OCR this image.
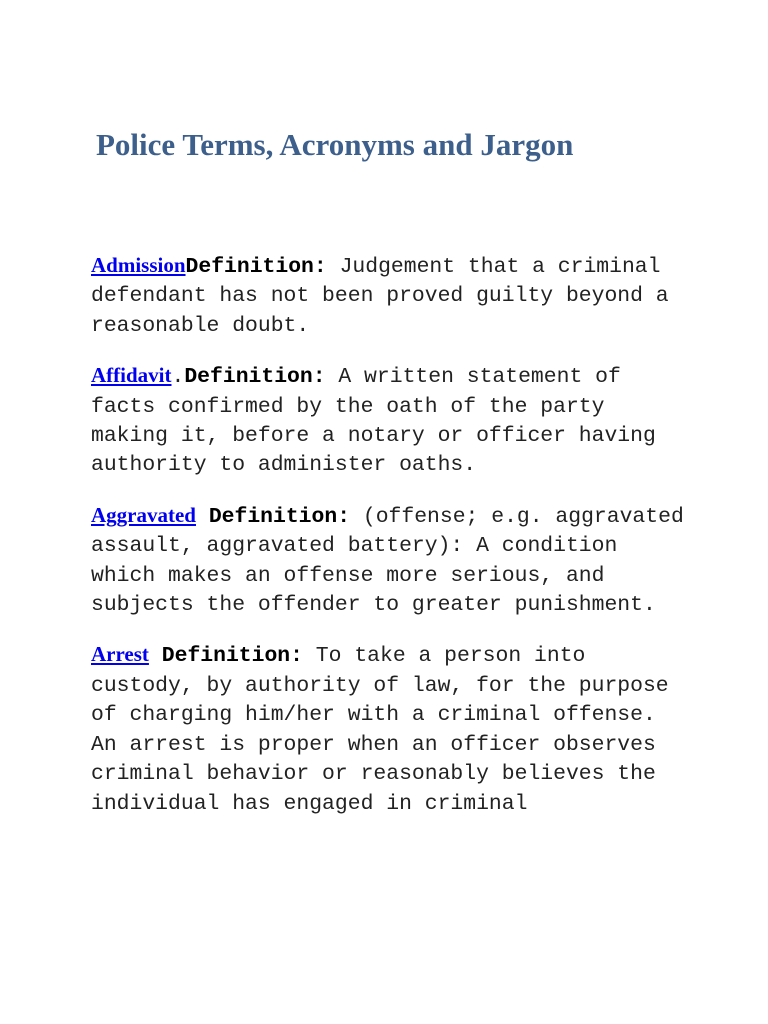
Police Terms, Acronyms and Jargon

AdmissionDefinition: Judgement that a criminal defendant has not been proved guilty beyond a reasonable doubt.

Affidavit.Definition: A written statement of facts confirmed by the oath of the party making it, before a notary or officer having authority to administer oaths.

Aggravated Definition: (offense; e.g. aggravated assault, aggravated battery): A condition which makes an offense more serious, and subjects the offender to greater punishment.

Arrest Definition: To take a person into custody, by authority of law, for the purpose of charging him/her with a criminal offense. An arrest is proper when an officer observes criminal behavior or reasonably believes the individual has engaged in criminal
